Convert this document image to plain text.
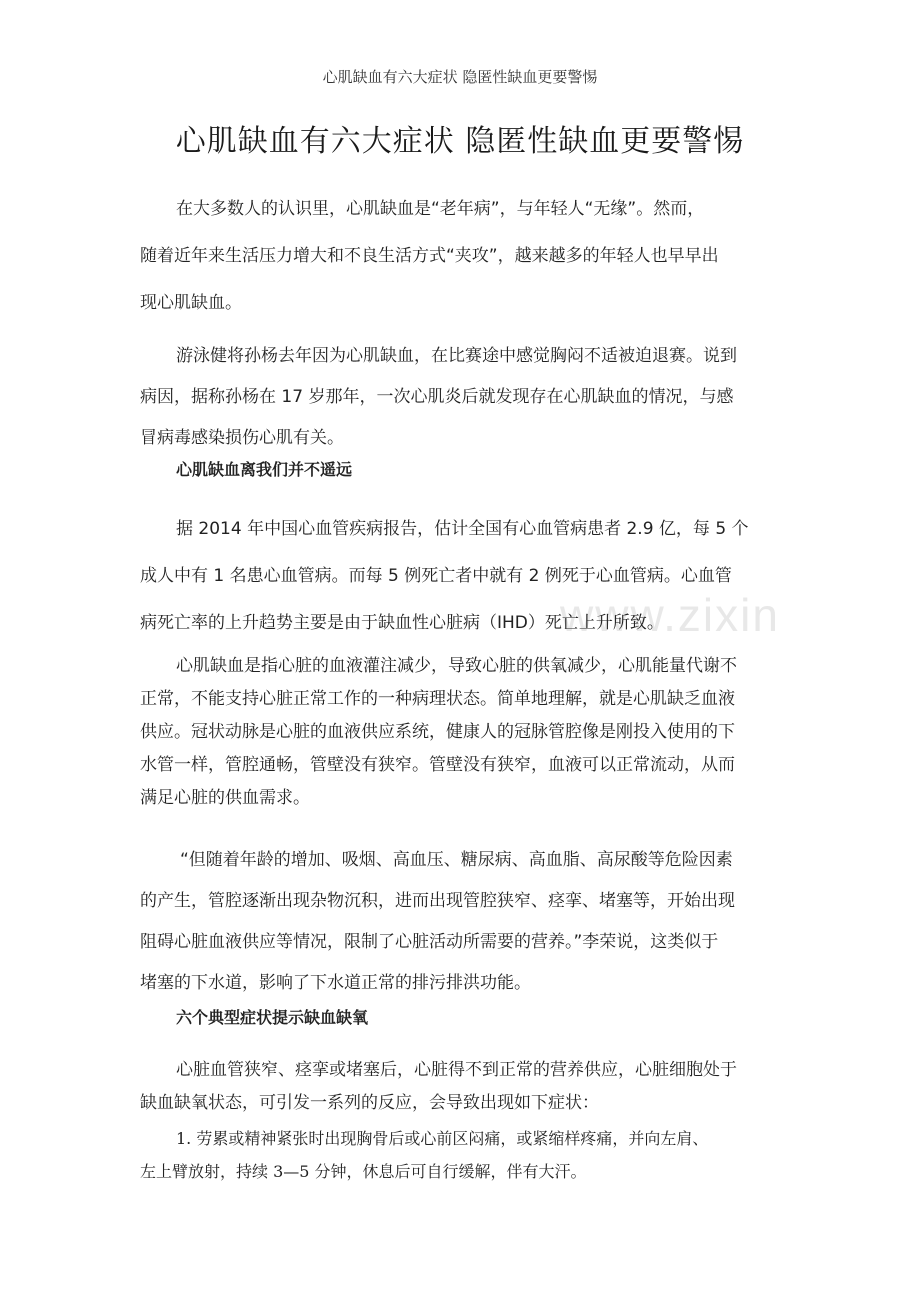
心肌缺血有六大症状 隐匿性缺血更要警惕
心肌缺血有六大症状 隐匿性缺血更要警惕
www.zixin
在大多数人的认识里，心肌缺血是“老年病”，与年轻人“无缘”。然而，
随着近年来生活压力增大和不良生活方式“夹攻”，越来越多的年轻人也早早出
现心肌缺血。
游泳健将孙杨去年因为心肌缺血，在比赛途中感觉胸闷不适被迫退赛。说到
病因，据称孙杨在 17 岁那年，一次心肌炎后就发现存在心肌缺血的情况，与感
冒病毒感染损伤心肌有关。
心肌缺血离我们并不遥远
据 2014 年中国心血管疾病报告，估计全国有心血管病患者 2.9 亿，每 5 个
成人中有 1 名患心血管病。而每 5 例死亡者中就有 2 例死于心血管病。心血管
病死亡率的上升趋势主要是由于缺血性心脏病（IHD）死亡上升所致。
心肌缺血是指心脏的血液灌注减少，导致心脏的供氧减少，心肌能量代谢不
正常，不能支持心脏正常工作的一种病理状态。简单地理解，就是心肌缺乏血液
供应。冠状动脉是心脏的血液供应系统，健康人的冠脉管腔像是刚投入使用的下
水管一样，管腔通畅，管壁没有狭窄。管壁没有狭窄，血液可以正常流动，从而
满足心脏的供血需求。
“但随着年龄的增加、吸烟、高血压、糖尿病、高血脂、高尿酸等危险因素
的产生，管腔逐渐出现杂物沉积，进而出现管腔狭窄、痉挛、堵塞等，开始出现
阻碍心脏血液供应等情况，限制了心脏活动所需要的营养。”李荣说，这类似于
堵塞的下水道，影响了下水道正常的排污排洪功能。
六个典型症状提示缺血缺氧
心脏血管狭窄、痉挛或堵塞后，心脏得不到正常的营养供应，心脏细胞处于
缺血缺氧状态，可引发一系列的反应，会导致出现如下症状：
1. 劳累或精神紧张时出现胸骨后或心前区闷痛，或紧缩样疼痛，并向左肩、
左上臂放射，持续 3—5 分钟，休息后可自行缓解，伴有大汗。
